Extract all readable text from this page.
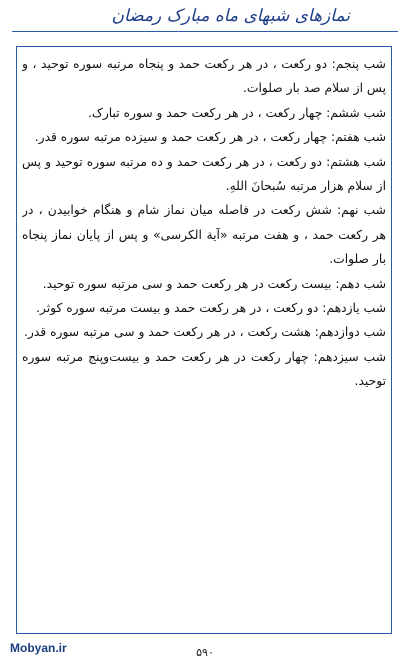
نمازهای شبهای ماه مبارک رمضان

شب پنجم: دو رکعت ، در هر رکعت حمد و پنجاه مرتبه سوره توحید ، و پس از سلام صد بار صلوات.

شب ششم: چهار رکعت ، در هر رکعت حمد و سوره تبارک.

شب هفتم: چهار رکعت ، در هر رکعت حمد و سیزده مرتبه سوره قدر.

شب هشتم: دو رکعت ، در هر رکعت حمد و ده مرتبه سوره توحید و پس از سلام هزار مرتبه سُبحانَ اللهِ.

شب نهم: شش رکعت در فاصله میان نماز شام و هنگام خوابیدن ، در هر رکعت حمد ، و هفت مرتبه «آیة الکرسی» و پس از پایان نماز پنجاه بار صلوات.

شب دهم: بیست رکعت در هر رکعت حمد و سی مرتبه سوره توحید.

شب یازدهم: دو رکعت ، در هر رکعت حمد و بیست مرتبه سوره کوثر.

شب دوازدهم: هشت رکعت ، در هر رکعت حمد و سی مرتبه سوره قدر.

شب سیزدهم: چهار رکعت در هر رکعت حمد و بیست‌وپنج مرتبه سوره توحید.

Mobyan.ir	۵۹۰
